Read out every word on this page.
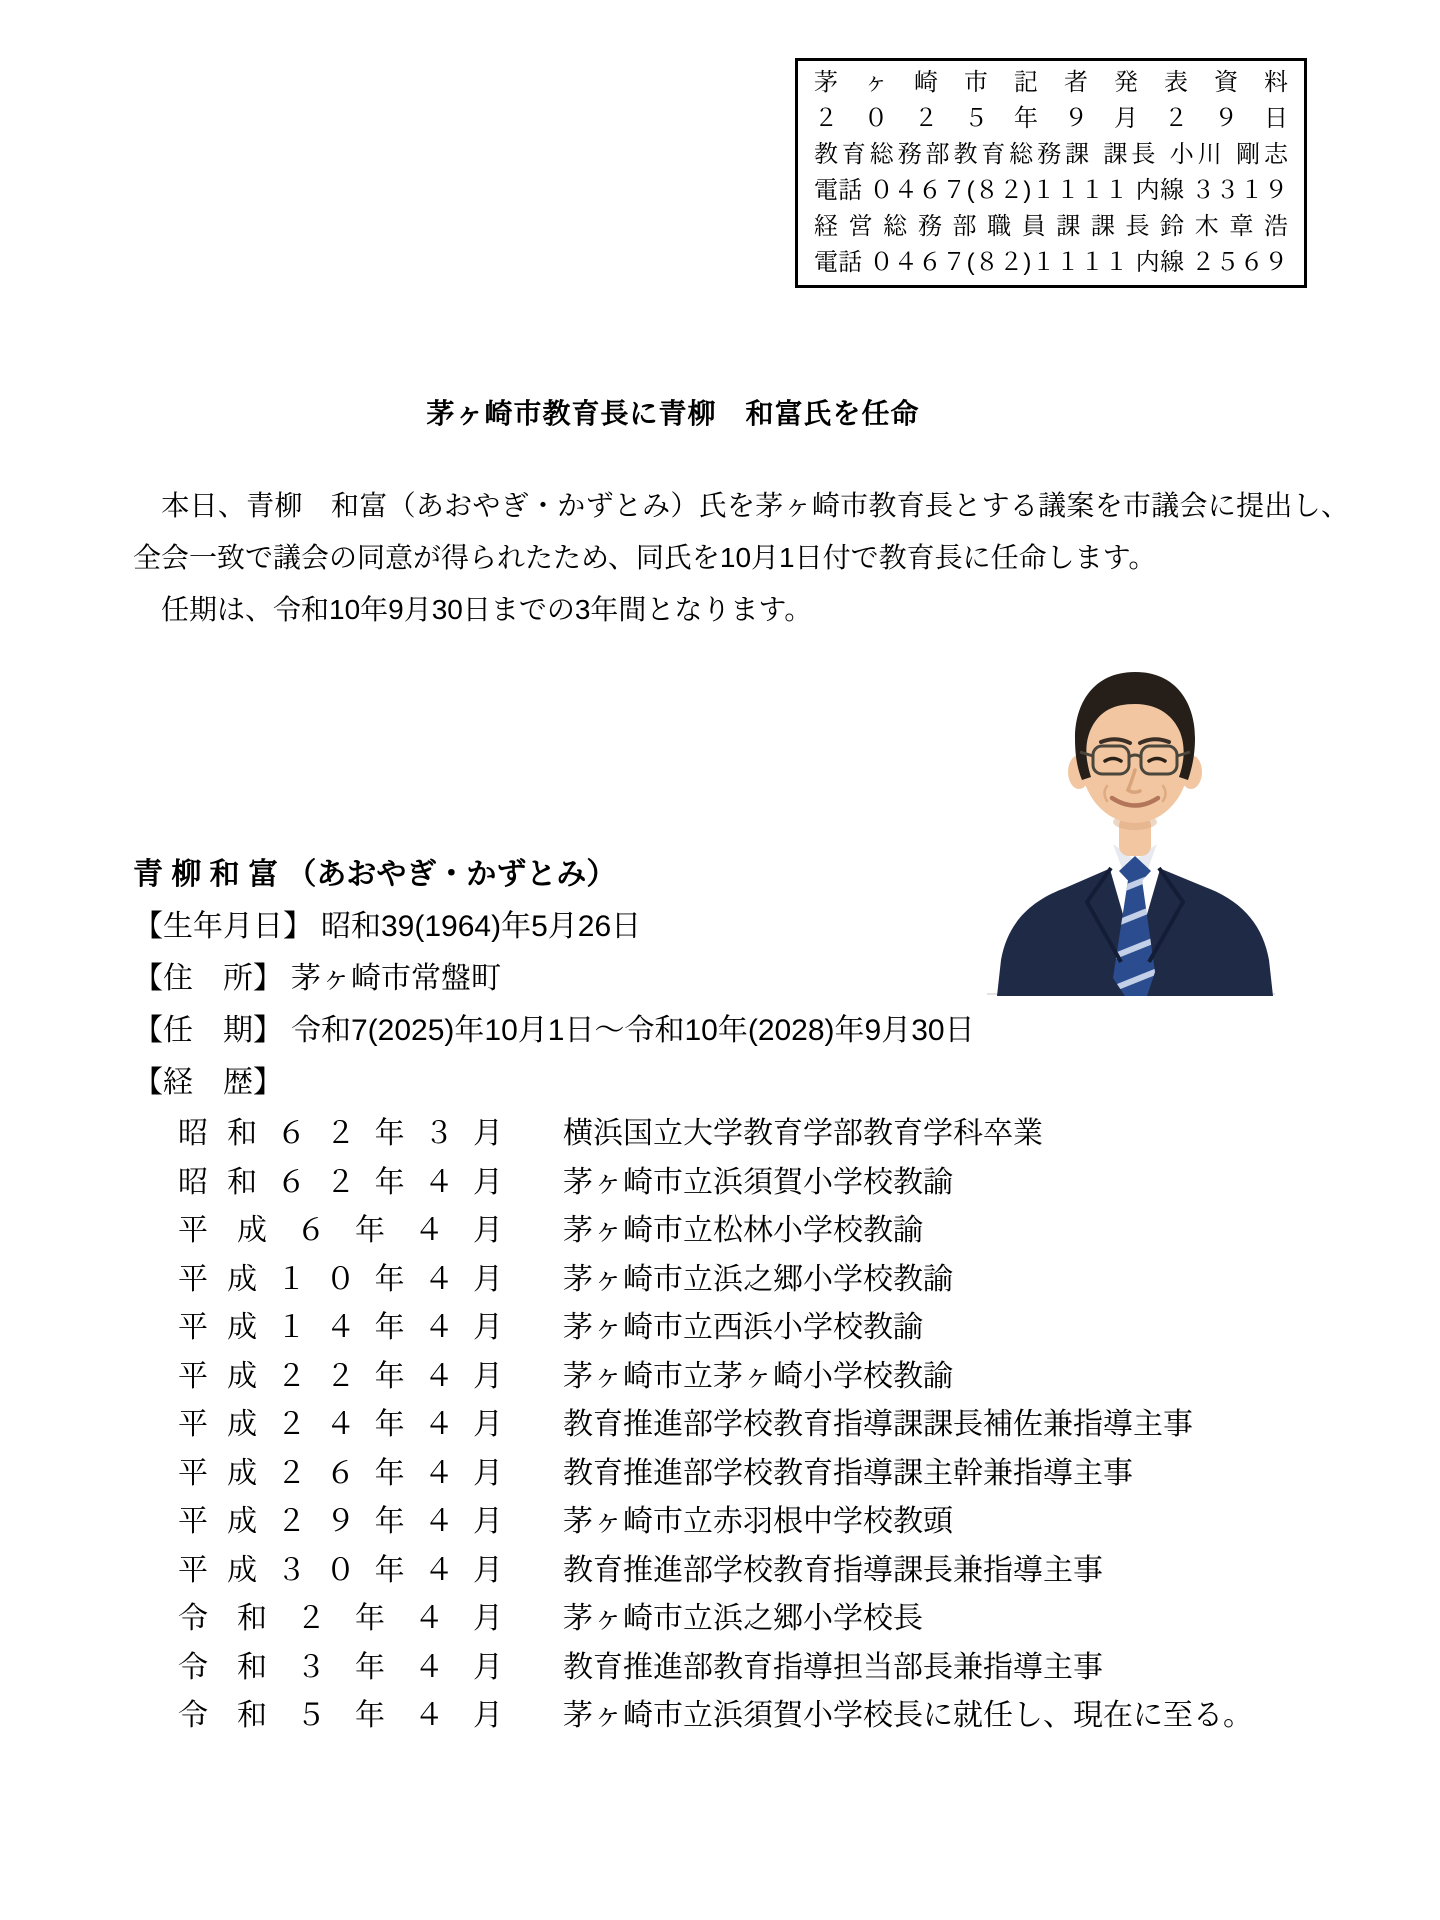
茅 ヶ 崎 市 記 者 発 表 資 料
２ ０ ２ ５ 年 ９ 月 ２ ９ 日
教育総務部教育総務課 課長 小川 剛志
電話 ０４６７(８２)１１１１ 内線 ３３１９
経 営 総 務 部 職 員 課 課 長 鈴 木 章 浩
電話 ０４６７(８２)１１１１ 内線 ２５６９
茅ヶ崎市教育長に青柳　和富氏を任命

　本日、青柳　和富（あおやぎ・かずとみ）氏を茅ヶ崎市教育長とする議案を市議会に提出し、全会一致で議会の同意が得られたため、同氏を10月1日付で教育長に任命します。

　任期は、令和10年9月30日までの3年間となります。

青 柳 和 富 （あおやぎ・かずとみ）
【生年月日】 昭和39(1964)年5月26日
【住　所】 茅ヶ崎市常盤町
【任　期】 令和7(2025)年10月1日～令和10年(2028)年9月30日
【経　歴】
昭 和 ６ ２ 年 ３ 月 横浜国立大学教育学部教育学科卒業
昭 和 ６ ２ 年 ４ 月 茅ヶ崎市立浜須賀小学校教諭
平 成 ６ 年 ４ 月 茅ヶ崎市立松林小学校教諭
平 成 １ ０ 年 ４ 月 茅ヶ崎市立浜之郷小学校教諭
平 成 １ ４ 年 ４ 月 茅ヶ崎市立西浜小学校教諭
平 成 ２ ２ 年 ４ 月 茅ヶ崎市立茅ヶ崎小学校教諭
平 成 ２ ４ 年 ４ 月 教育推進部学校教育指導課課長補佐兼指導主事
平 成 ２ ６ 年 ４ 月 教育推進部学校教育指導課主幹兼指導主事
平 成 ２ ９ 年 ４ 月 茅ヶ崎市立赤羽根中学校教頭
平 成 ３ ０ 年 ４ 月 教育推進部学校教育指導課長兼指導主事
令 和 ２ 年 ４ 月 茅ヶ崎市立浜之郷小学校長
令 和 ３ 年 ４ 月 教育推進部教育指導担当部長兼指導主事
令 和 ５ 年 ４ 月 茅ヶ崎市立浜須賀小学校長に就任し、現在に至る。
